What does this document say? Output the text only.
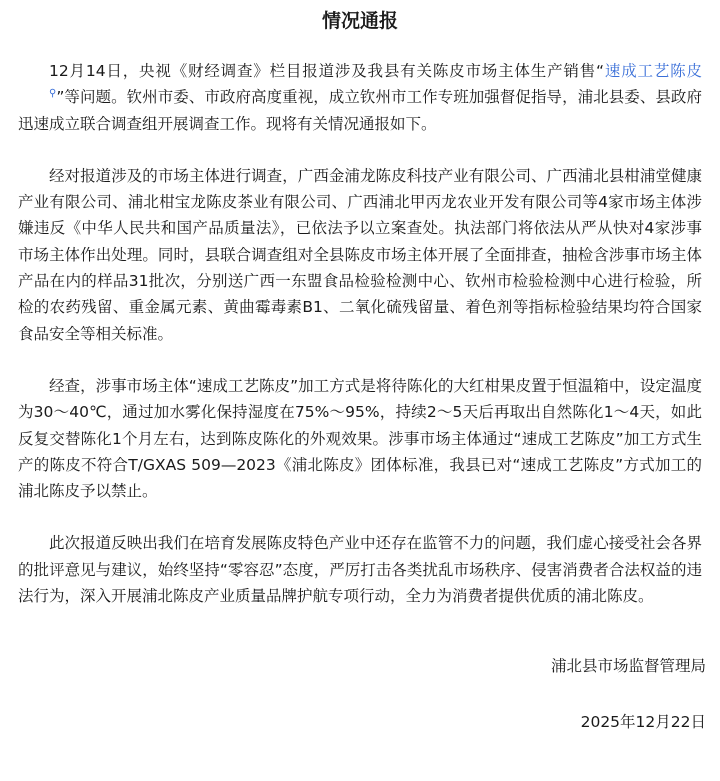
情况通报

12月14日，央视《财经调查》栏目报道涉及我县有关陈皮市场主体生产销售“速成工艺陈皮⚲”等问题。钦州市委、市政府高度重视，成立钦州市工作专班加强督促指导，浦北县委、县政府迅速成立联合调查组开展调查工作。现将有关情况通报如下。

经对报道涉及的市场主体进行调查，广西金浦龙陈皮科技产业有限公司、广西浦北县柑浦堂健康产业有限公司、浦北柑宝龙陈皮茶业有限公司、广西浦北甲丙龙农业开发有限公司等4家市场主体涉嫌违反《中华人民共和国产品质量法》，已依法予以立案查处。执法部门将依法从严从快对4家涉事市场主体作出处理。同时，县联合调查组对全县陈皮市场主体开展了全面排查，抽检含涉事市场主体产品在内的样品31批次，分别送广西一东盟食品检验检测中心、钦州市检验检测中心进行检验，所检的农药残留、重金属元素、黄曲霉毒素B1、二氧化硫残留量、着色剂等指标检验结果均符合国家食品安全等相关标准。

经查，涉事市场主体“速成工艺陈皮”加工方式是将待陈化的大红柑果皮置于恒温箱中，设定温度为30～40℃，通过加水雾化保持湿度在75%～95%，持续2～5天后再取出自然陈化1～4天，如此反复交替陈化1个月左右，达到陈皮陈化的外观效果。涉事市场主体通过“速成工艺陈皮”加工方式生产的陈皮不符合T/GXAS 509—2023《浦北陈皮》团体标准，我县已对“速成工艺陈皮”方式加工的浦北陈皮予以禁止。

此次报道反映出我们在培育发展陈皮特色产业中还存在监管不力的问题，我们虚心接受社会各界的批评意见与建议，始终坚持“零容忍”态度，严厉打击各类扰乱市场秩序、侵害消费者合法权益的违法行为，深入开展浦北陈皮产业质量品牌护航专项行动，全力为消费者提供优质的浦北陈皮。

浦北县市场监督管理局
2025年12月22日
